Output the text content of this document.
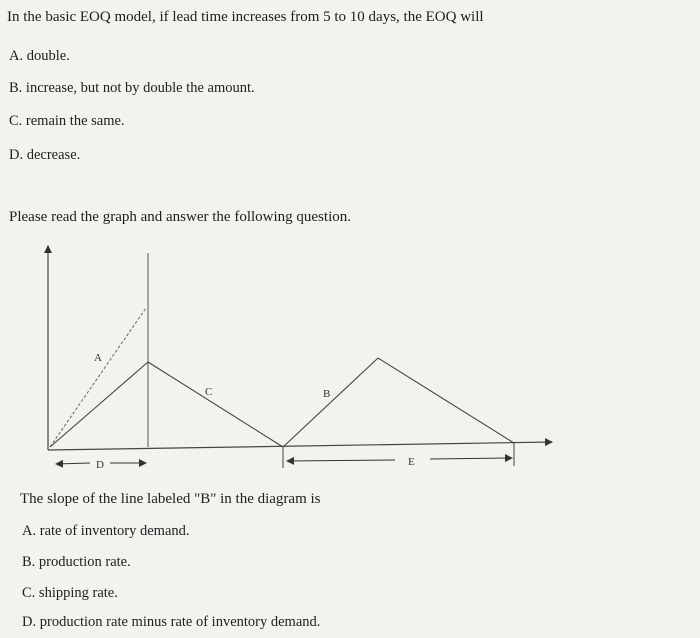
In the basic EOQ model, if lead time increases from 5 to 10 days, the EOQ will
A. double.
B. increase, but not by double the amount.
C. remain the same.
D. decrease.
Please read the graph and answer the following question.
A
C	B
D	E
The slope of the line labeled "B" in the diagram is
A. rate of inventory demand.
B. production rate.
C. shipping rate.
D. production rate minus rate of inventory demand.
